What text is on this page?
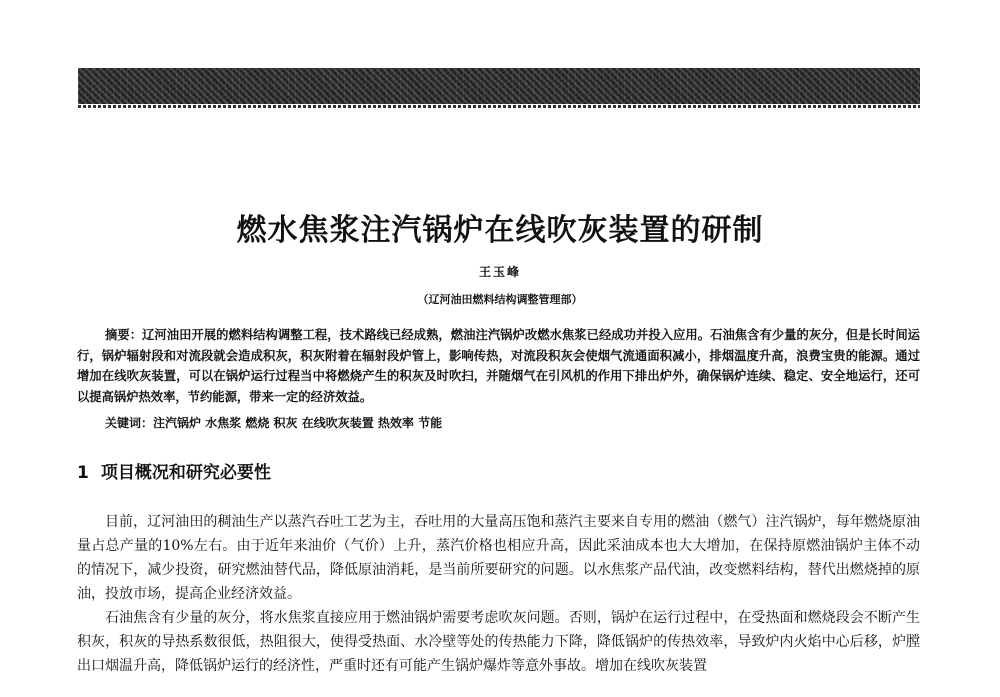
燃水焦浆注汽锅炉在线吹灰装置的研制
王玉峰
（辽河油田燃料结构调整管理部）
摘要：辽河油田开展的燃料结构调整工程，技术路线已经成熟，燃油注汽锅炉改燃水焦浆已经成功并投入应用。石油焦含有少量的灰分，但是长时间运行，锅炉辐射段和对流段就会造成积灰，积灰附着在辐射段炉管上，影响传热，对流段积灰会使烟气流通面积减小，排烟温度升高，浪费宝贵的能源。通过增加在线吹灰装置，可以在锅炉运行过程当中将燃烧产生的积灰及时吹扫，并随烟气在引风机的作用下排出炉外，确保锅炉连续、稳定、安全地运行，还可以提高锅炉热效率，节约能源，带来一定的经济效益。
关键词：注汽锅炉 水焦浆 燃烧 积灰 在线吹灰装置 热效率 节能
1 项目概况和研究必要性

目前，辽河油田的稠油生产以蒸汽吞吐工艺为主，吞吐用的大量高压饱和蒸汽主要来自专用的燃油（燃气）注汽锅炉，每年燃烧原油量占总产量的10%左右。由于近年来油价（气价）上升，蒸汽价格也相应升高，因此采油成本也大大增加，在保持原燃油锅炉主体不动的情况下，减少投资，研究燃油替代品，降低原油消耗，是当前所要研究的问题。以水焦浆产品代油，改变燃料结构，替代出燃烧掉的原油，投放市场，提高企业经济效益。

石油焦含有少量的灰分，将水焦浆直接应用于燃油锅炉需要考虑吹灰问题。否则，锅炉在运行过程中，在受热面和燃烧段会不断产生积灰，积灰的导热系数很低，热阻很大，使得受热面、水冷壁等处的传热能力下降，降低锅炉的传热效率，导致炉内火焰中心后移，炉膛出口烟温升高，降低锅炉运行的经济性，严重时还有可能产生锅炉爆炸等意外事故。增加在线吹灰装置
